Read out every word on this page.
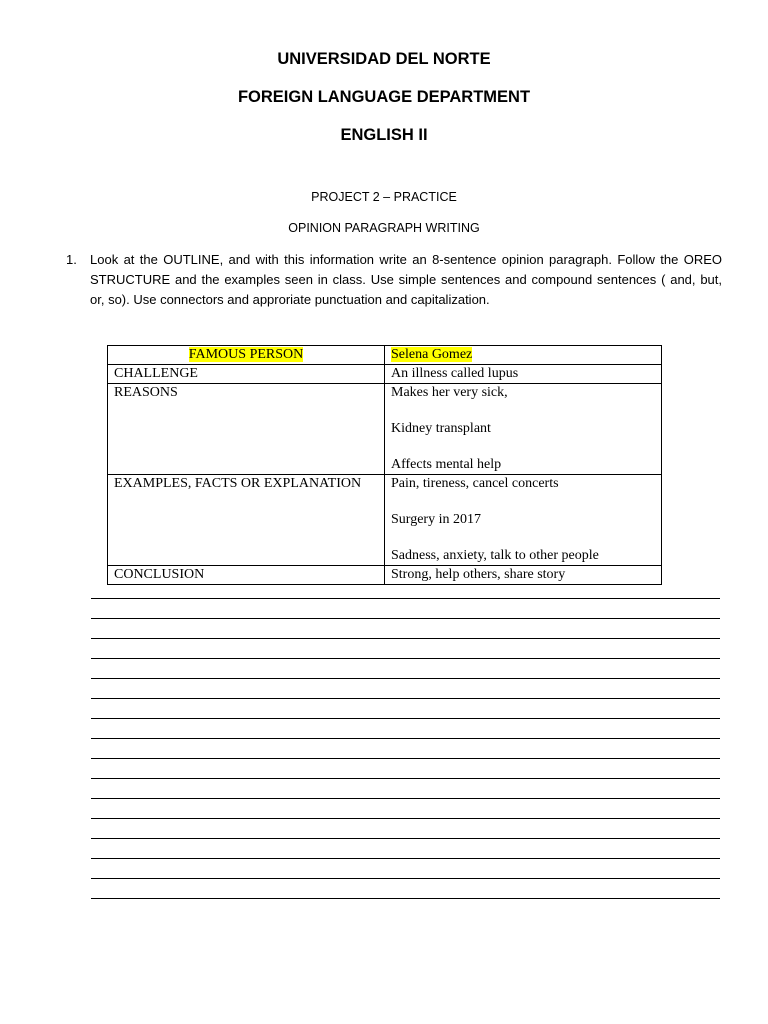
UNIVERSIDAD DEL NORTE
FOREIGN LANGUAGE DEPARTMENT
ENGLISH II
PROJECT 2 – PRACTICE
OPINION PARAGRAPH WRITING
1. Look at the OUTLINE, and with this information write an 8-sentence opinion paragraph. Follow the OREO STRUCTURE and the examples seen in class. Use simple sentences and compound sentences ( and, but, or, so). Use connectors and approriate punctuation and capitalization.
FAMOUS PERSON	Selena Gomez
CHALLENGE	An illness called lupus

REASONS	Makes her very sick,
Kidney transplant
Affects mental help

EXAMPLES, FACTS OR EXPLANATION	Pain, tireness, cancel concerts
Surgery in 2017
Sadness, anxiety, talk to other people

CONCLUSION	Strong, help others, share story
